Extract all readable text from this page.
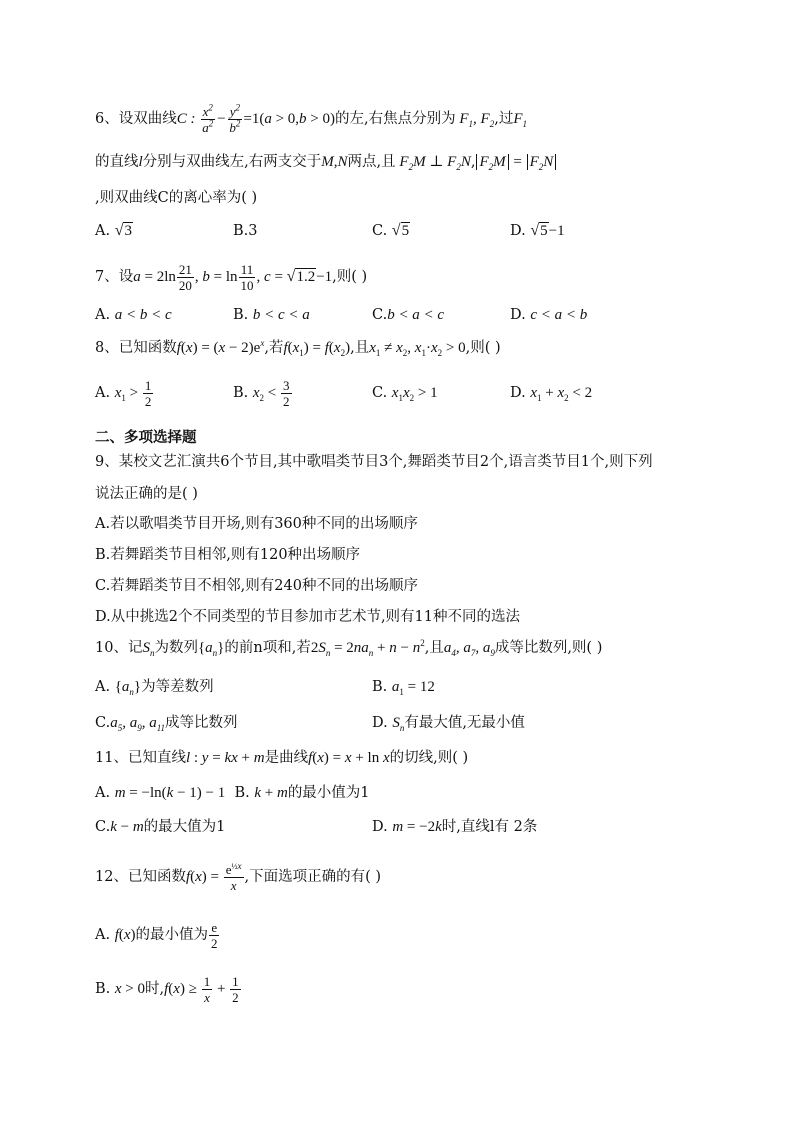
6、设双曲线C : $\frac{x^2}{a^2} - \frac{y^2}{b^2} =1(a > 0,b > 0)$的左,右焦点分别为 $F_1$, $F_2$,过$F_1$
的直线l分别与双曲线左,右两支交于M,N两点,且 $F_2M$ ⊥ $F_2N$, $F_2M = F_2N$
,则双曲线C的离心率为( )
A. √3	B.3	C. √5	D. √5−1
7、设$a = 2\ln \frac{21}{20}$ , $b = \ln \frac{11}{10}$ , c = √1.2−1,则( )
A. a < b < c	B. b < c < a	C.b < a < c	D. c < a < b
8、已知函数$f(x) = (x - 2)e^x$,若$f(x_1) = f(x_2)$,且$x_1 \ne x_2$, $x_1\cdot x_2 > 0$,则( )
A. $x_1 > \frac{1}{2}$	B. $x_2 < \frac{3}{2}$	C. $x_1x_2 > 1$	D. $x_1 + x_2 < 2$
二、多项选择题
9、某校文艺汇演共6个节目,其中歌唱类节目3个,舞蹈类节目2个,语言类节目1个,则下列
说法正确的是( )
A.若以歌唱类节目开场,则有360种不同的出场顺序
B.若舞蹈类节目相邻,则有120种出场顺序
C.若舞蹈类节目不相邻,则有240种不同的出场顺序
D.从中挑选2个不同类型的节目参加市艺术节,则有11种不同的选法
10、记$S_n$为数列$\{a_n\}$的前n项和,若$2S_n = 2na_n + n - n^2$,且$a_4$, $a_7$, $a_9$成等比数列,则( )
A. $\{a_n\}$为等差数列	B. $a_1 = 12$
$C.a_5$, $a_9$, $a_{11}$成等比数列	D. $S_n$有最大值,无最小值
11、已知直线l : y = kx + m是曲线f(x) = x + ln x的切线,则( )
A. m = −ln(k − 1) − 1 B. k + m的最小值为1
C.k − m的最大值为1	D. m = −2k时,直线l有 2条
12、已知函数$f(x) = \frac{e^{\frac{1}{2}x}}{x}$ ,下面选项正确的有( )
A. f(x)的最小值为 $\frac{e}{2}$
B. x > 0时$,f(x) \ge \frac{1}{x} + \frac{1}{2}$
